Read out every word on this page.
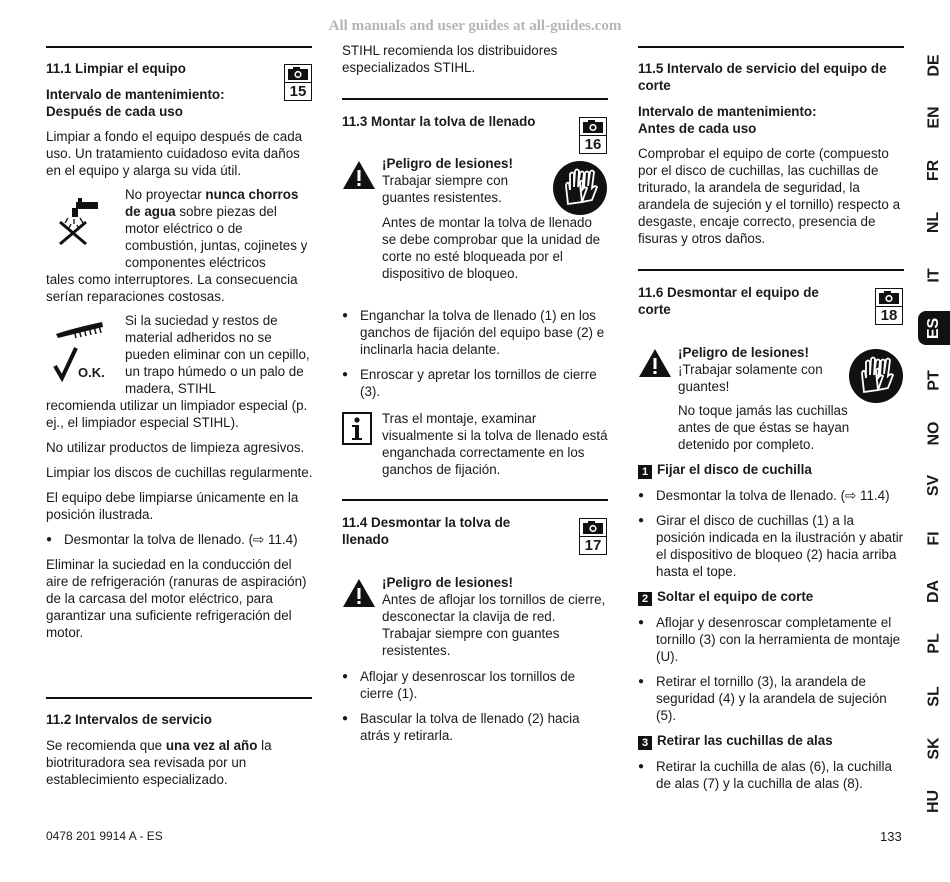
All manuals and user guides at all-guides.com

11.1 Limpiar el equipo

Intervalo de mantenimiento: Después de cada uso

Limpiar a fondo el equipo después de cada uso. Un tratamiento cuidadoso evita daños en el equipo y alarga su vida útil.

15

No proyectar nunca chorros de agua sobre piezas del motor eléctrico o de combustión, juntas, cojinetes y componentes eléctricos

tales como interruptores. La consecuencia serían reparaciones costosas.

O.K.

Si la suciedad y restos de material adheridos no se pueden eliminar con un cepillo, un trapo húmedo o un palo de madera, STIHL

recomienda utilizar un limpiador especial (p. ej., el limpiador especial STIHL).

No utilizar productos de limpieza agresivos.

Limpiar los discos de cuchillas regularmente.

El equipo debe limpiarse únicamente en la posición ilustrada.

● Desmontar la tolva de llenado. (⇨ 11.4)

Eliminar la suciedad en la conducción del aire de refrigeración (ranuras de aspiración) de la carcasa del motor eléctrico, para garantizar una suficiente refrigeración del motor.

11.2 Intervalos de servicio

Se recomienda que una vez al año la biotrituradora sea revisada por un establecimiento especializado.

STIHL recomienda los distribuidores especializados STIHL.

11.3 Montar la tolva de llenado

16

¡Peligro de lesiones!

Trabajar siempre con guantes resistentes.

Antes de montar la tolva de llenado se debe comprobar que la unidad de corte no esté bloqueada por el dispositivo de bloqueo.

● Enganchar la tolva de llenado (1) en los ganchos de fijación del equipo base (2) e inclinarla hacia delante.

● Enroscar y apretar los tornillos de cierre (3).

Tras el montaje, examinar visualmente si la tolva de llenado está enganchada correctamente en los ganchos de fijación.

11.4 Desmontar la tolva de llenado	17

¡Peligro de lesiones!

Antes de aflojar los tornillos de cierre, desconectar la clavija de red. Trabajar siempre con guantes resistentes.

● Aflojar y desenroscar los tornillos de cierre (1).

● Bascular la tolva de llenado (2) hacia atrás y retirarla.

11.5 Intervalo de servicio del equipo de corte

Intervalo de mantenimiento: Antes de cada uso

Comprobar el equipo de corte (compuesto por el disco de cuchillas, las cuchillas de triturado, la arandela de seguridad, la arandela de sujeción y el tornillo) respecto a desgaste, encaje correcto, presencia de fisuras y otros daños.

11.6 Desmontar el equipo de corte	18

¡Peligro de lesiones!

¡Trabajar solamente con guantes!

No toque jamás las cuchillas antes de que éstas se hayan detenido por completo.

1 Fijar el disco de cuchilla

● Desmontar la tolva de llenado. (⇨ 11.4)

● Girar el disco de cuchillas (1) a la posición indicada en la ilustración y abatir el dispositivo de bloqueo (2) hacia arriba hasta el tope.

2 Soltar el equipo de corte

● Aflojar y desenroscar completamente el tornillo (3) con la herramienta de montaje (U).

● Retirar el tornillo (3), la arandela de seguridad (4) y la arandela de sujeción (5).

3 Retirar las cuchillas de alas

● Retirar la cuchilla de alas (6), la cuchilla de alas (7) y la cuchilla de alas (8).

DE
EN
FR
NL
IT
ES
PT
NO
SV
FI
DA
PL
SL
SK
HU
0478 201 9914 A - ES	133
